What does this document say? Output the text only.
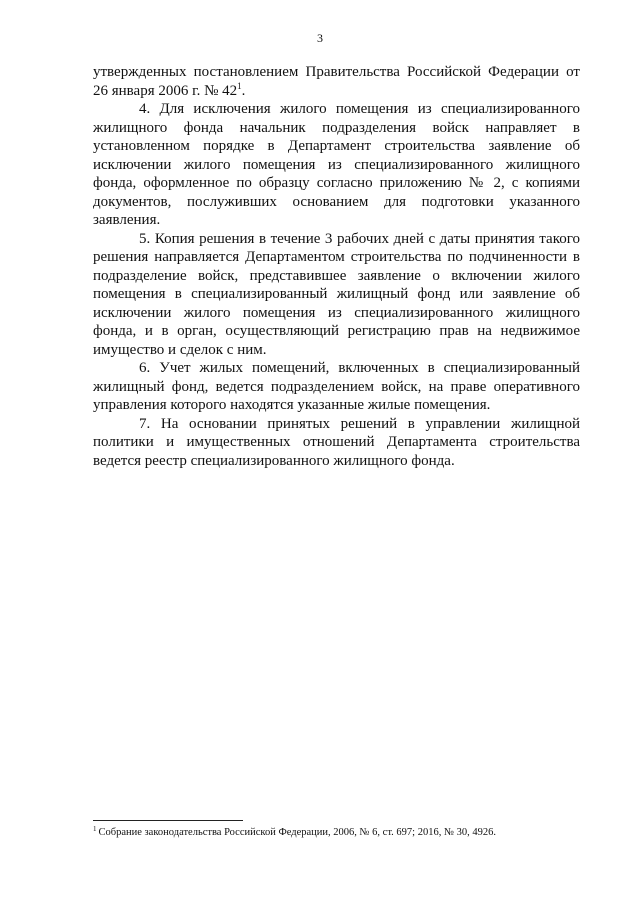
3

утвержденных постановлением Правительства Российской Федерации от 26 января 2006 г. № $42^1$.

4. Для исключения жилого помещения из специализированного жилищного фонда начальник подразделения войск направляет в установленном порядке в Департамент строительства заявление об исключении жилого помещения из специализированного жилищного фонда, оформленное по образцу согласно приложению № 2, с копиями документов, послуживших основанием для подготовки указанного заявления.

5. Копия решения в течение 3 рабочих дней с даты принятия такого решения направляется Департаментом строительства по подчиненности в подразделение войск, представившее заявление о включении жилого помещения в специализированный жилищный фонд или заявление об исключении жилого помещения из специализированного жилищного фонда, и в орган, осуществляющий регистрацию прав на недвижимое имущество и сделок с ним.

6. Учет жилых помещений, включенных в специализированный жилищный фонд, ведется подразделением войск, на праве оперативного управления которого находятся указанные жилые помещения.

7. На основании принятых решений в управлении жилищной политики и имущественных отношений Департамента строительства ведется реестр специализированного жилищного фонда.

$^1$ Собрание законодательства Российской Федерации, 2006, № 6, ст. 697; 2016, № 30, 4926.
